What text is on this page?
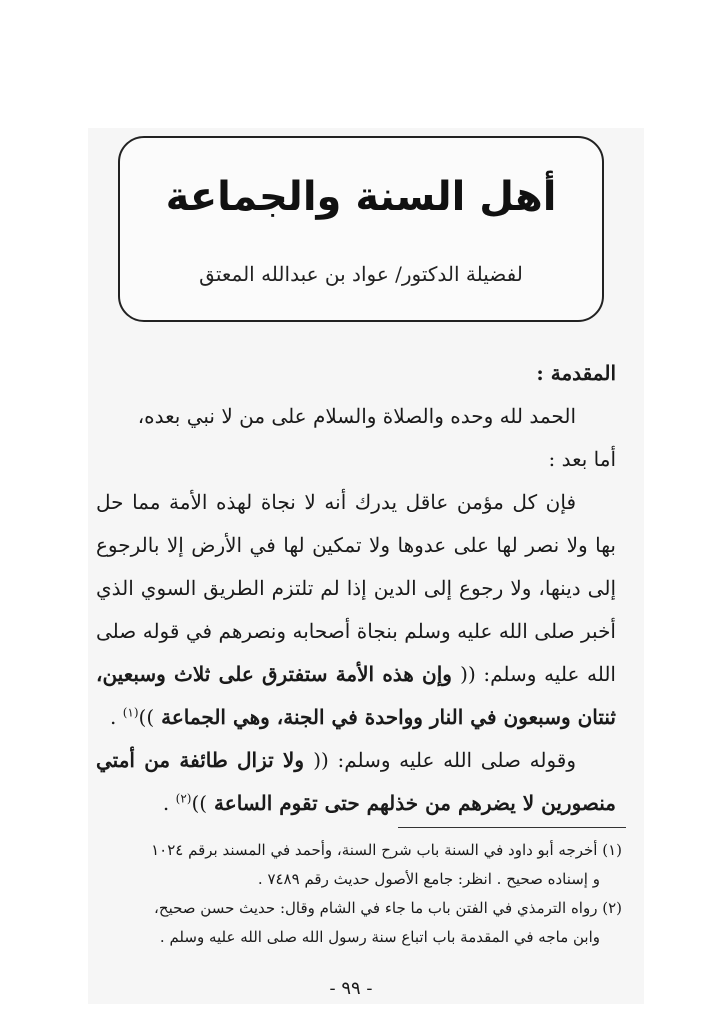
أهل السنة والجماعة
لفضيلة الدكتور/ عواد بن عبدالله المعتق

المقدمة :

الحمد لله وحده والصلاة والسلام على من لا نبي بعده،

أما بعد :

فإن كل مؤمن عاقل يدرك أنه لا نجاة لهذه الأمة مما حل بها ولا نصر لها على عدوها ولا تمكين لها في الأرض إلا بالرجوع إلى دينها، ولا رجوع إلى الدين إذا لم تلتزم الطريق السوي الذي أخبر صلى الله عليه وسلم بنجاة أصحابه ونصرهم في قوله صلى الله عليه وسلم: (( وإن هذه الأمة ستفترق على ثلاث وسبعين، ثنتان وسبعون في النار وواحدة في الجنة، وهي الجماعة ))$^{(١)}$ .

وقوله صلى الله عليه وسلم: (( ولا تزال طائفة من أمتي منصورين لا يضرهم من خذلهم حتى تقوم الساعة ))$^{(٢)}$ .

(١) أخرجه أبو داود في السنة باب شرح السنة، وأحمد في المسند برقم ١٠٢٤

و إسناده صحيح . انظر: جامع الأصول حديث رقم ٧٤٨٩ .

(٢) رواه الترمذي في الفتن باب ما جاء في الشام وقال: حديث حسن صحيح،

وابن ماجه في المقدمة باب اتباع سنة رسول الله صلى الله عليه وسلم .

- ٩٩ -
